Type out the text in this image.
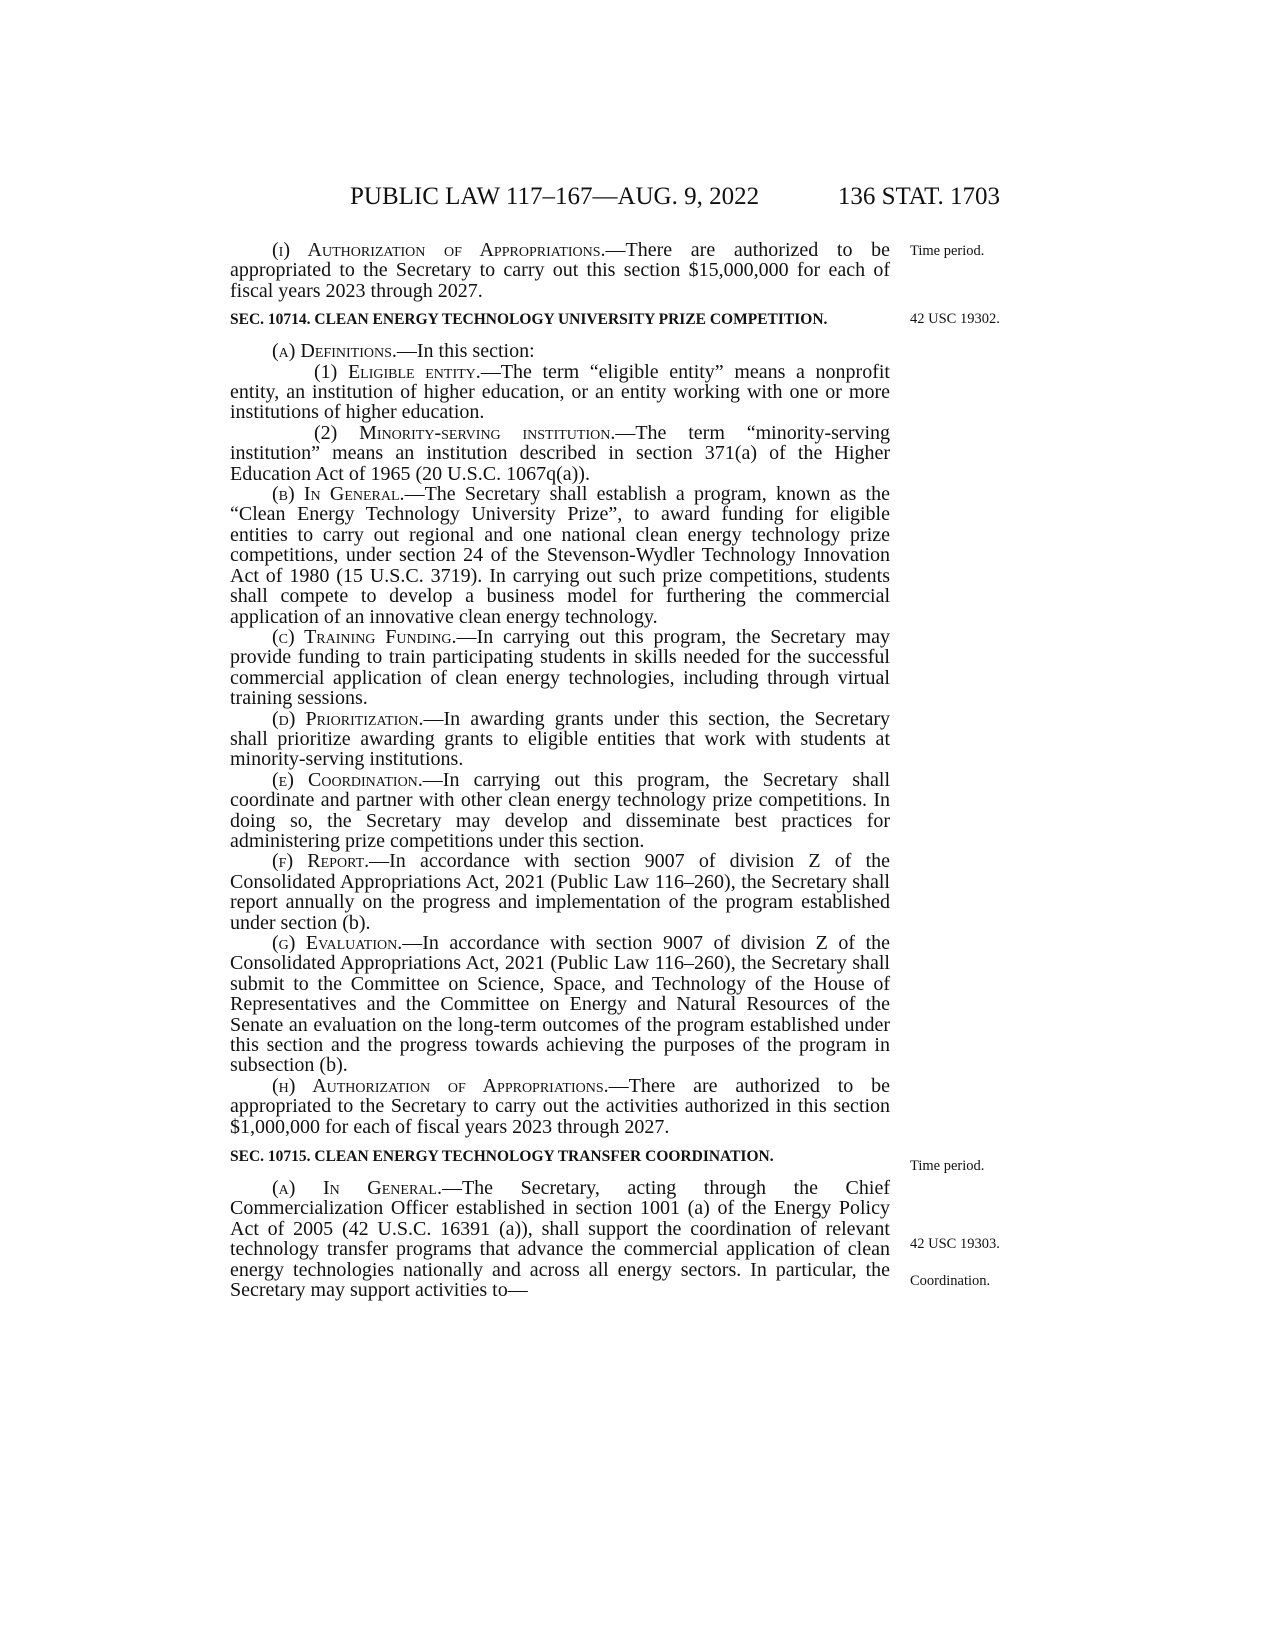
PUBLIC LAW 117–167—AUG. 9, 2022	136 STAT. 1703

(i) Authorization of Appropriations.—There are authorized to be appropriated to the Secretary to carry out this section $15,000,000 for each of fiscal years 2023 through 2027.

SEC. 10714. CLEAN ENERGY TECHNOLOGY UNIVERSITY PRIZE COMPETITION.

(a) Definitions.—In this section:

(1) Eligible entity.—The term “eligible entity” means a nonprofit entity, an institution of higher education, or an entity working with one or more institutions of higher education.

(2) Minority-serving institution.—The term “minority-serving institution” means an institution described in section 371(a) of the Higher Education Act of 1965 (20 U.S.C. 1067q(a)).

(b) In General.—The Secretary shall establish a program, known as the “Clean Energy Technology University Prize”, to award funding for eligible entities to carry out regional and one national clean energy technology prize competitions, under section 24 of the Stevenson-Wydler Technology Innovation Act of 1980 (15 U.S.C. 3719). In carrying out such prize competitions, students shall compete to develop a business model for furthering the commercial application of an innovative clean energy technology.

(c) Training Funding.—In carrying out this program, the Secretary may provide funding to train participating students in skills needed for the successful commercial application of clean energy technologies, including through virtual training sessions.

(d) Prioritization.—In awarding grants under this section, the Secretary shall prioritize awarding grants to eligible entities that work with students at minority-serving institutions.

(e) Coordination.—In carrying out this program, the Secretary shall coordinate and partner with other clean energy technology prize competitions. In doing so, the Secretary may develop and disseminate best practices for administering prize competitions under this section.

(f) Report.—In accordance with section 9007 of division Z of the Consolidated Appropriations Act, 2021 (Public Law 116–260), the Secretary shall report annually on the progress and implementation of the program established under section (b).

(g) Evaluation.—In accordance with section 9007 of division Z of the Consolidated Appropriations Act, 2021 (Public Law 116–260), the Secretary shall submit to the Committee on Science, Space, and Technology of the House of Representatives and the Committee on Energy and Natural Resources of the Senate an evaluation on the long-term outcomes of the program established under this section and the progress towards achieving the purposes of the program in subsection (b).

(h) Authorization of Appropriations.—There are authorized to be appropriated to the Secretary to carry out the activities authorized in this section $1,000,000 for each of fiscal years 2023 through 2027.

SEC. 10715. CLEAN ENERGY TECHNOLOGY TRANSFER COORDINATION.

(a) In General.—The Secretary, acting through the Chief Commercialization Officer established in section 1001 (a) of the Energy Policy Act of 2005 (42 U.S.C. 16391 (a)), shall support the coordination of relevant technology transfer programs that advance the commercial application of clean energy technologies nationally and across all energy sectors. In particular, the Secretary may support activities to—

Time period.
42 USC 19302.
Time period.
42 USC 19303.
Coordination.
